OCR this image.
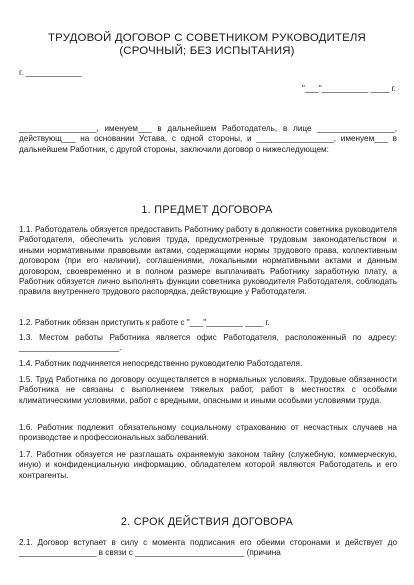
ТРУДОВОЙ ДОГОВОР С СОВЕТНИКОМ РУКОВОДИТЕЛЯ
(СРОЧНЫЙ; БЕЗ ИСПЫТАНИЯ)
г. ____________
"___"__________ ____ г.
_________________, именуем___ в дальнейшем Работодатель, в лице _________________, действующ___ на основании Устава, с одной стороны, и _________________, именуем___ в дальнейшем Работник, с другой стороны, заключили договор о нижеследующем:
1. ПРЕДМЕТ ДОГОВОРА
1.1. Работодатель обязуется предоставить Работнику работу в должности советника руководителя Работодателя, обеспечить условия труда, предусмотренные трудовым законодательством и иными нормативными правовыми актами, содержащими нормы трудового права, коллективным договором (при его наличии), соглашениями, локальными нормативными актами и данным договором, своевременно и в полном размере выплачивать Работнику заработную плату, а Работник обязуется лично выполнять функции советника руководителя Работодателя, соблюдать правила внутреннего трудового распорядка, действующие у Работодателя.
1.2. Работник обязан приступить к работе с "___"________ ____ г.
1.3. Местом работы Работника является офис Работодателя, расположенный по адресу: ______________________.
1.4. Работник подчиняется непосредственно руководителю Работодателя.
1.5. Труд Работника по договору осуществляется в нормальных условиях. Трудовые обязанности Работника не связаны с выполнением тяжелых работ, работ в местностях с особыми климатическими условиями, работ с вредными, опасными и иными особыми условиями труда.
1.6. Работник подлежит обязательному социальному страхованию от несчастных случаев на производстве и профессиональных заболеваний.
1.7. Работник обязуется не разглашать охраняемую законом тайну (служебную, коммерческую, иную) и конфиденциальную информацию, обладателем которой являются Работодатель и его контрагенты.
2. СРОК ДЕЙСТВИЯ ДОГОВОРА
2.1. Договор вступает в силу с момента подписания его обеими сторонами и действует до _________________ в связи с ________________________ (причина
